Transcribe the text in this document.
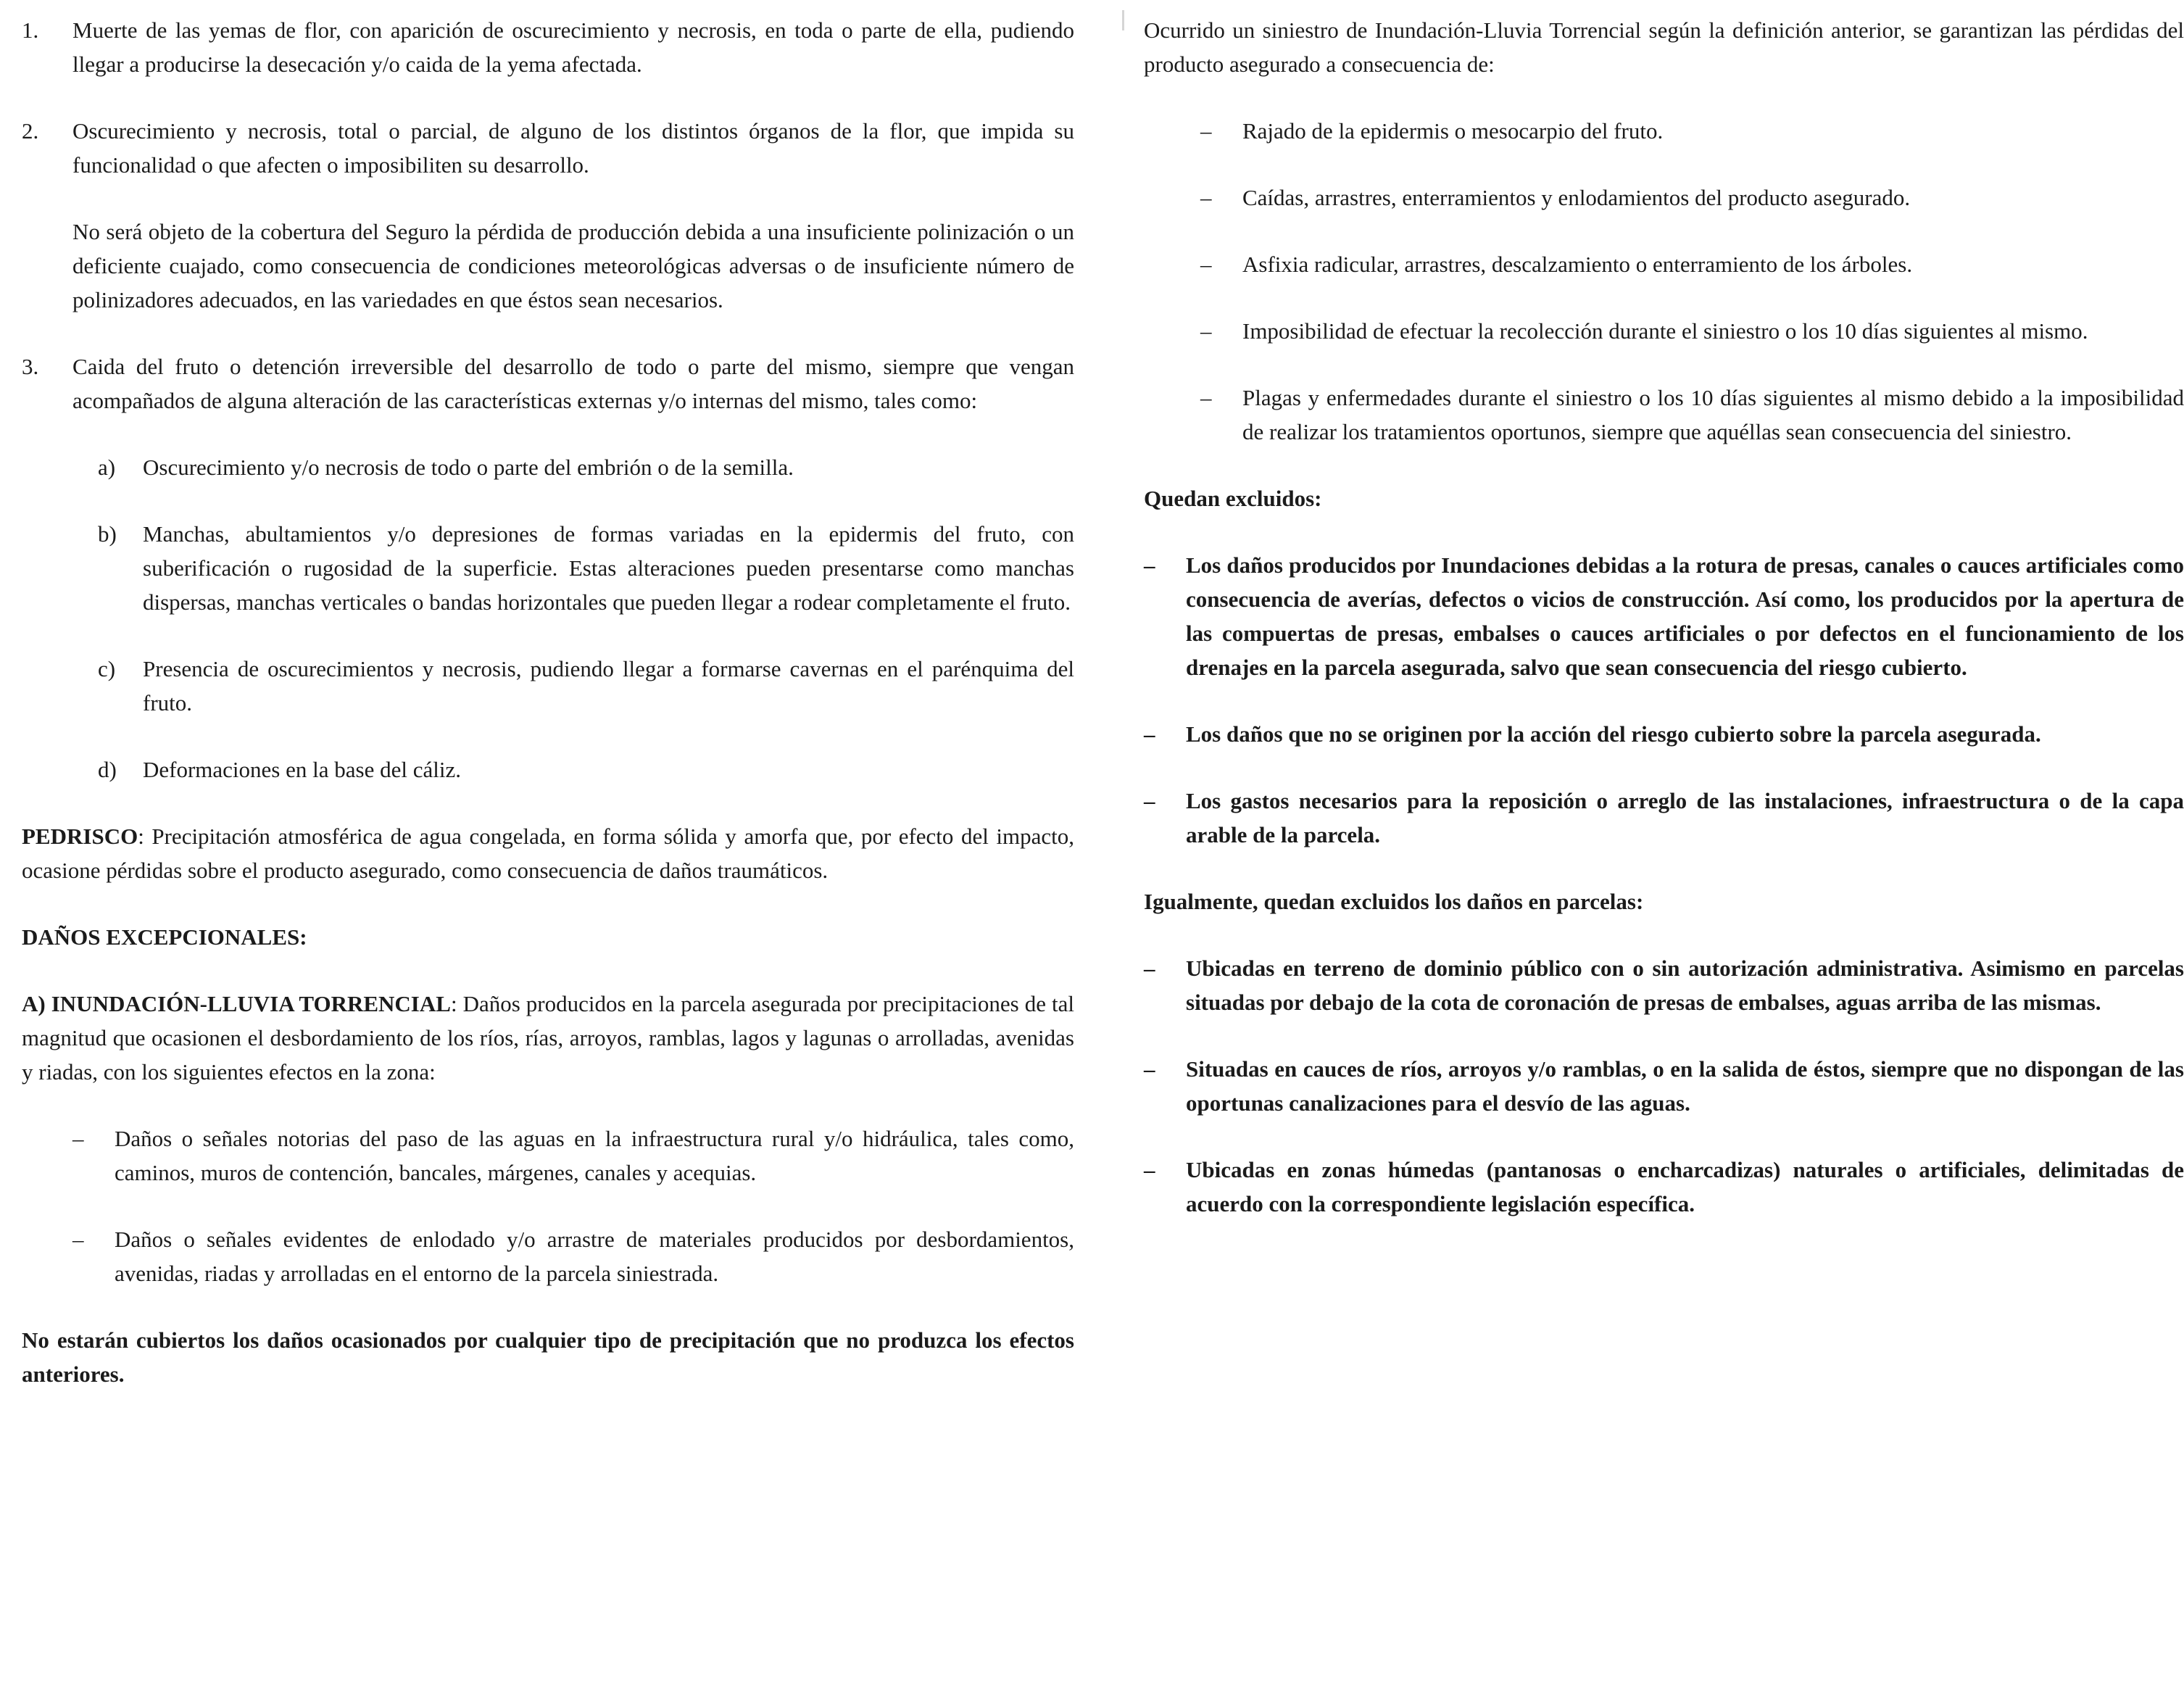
1.	Muerte de las yemas de flor, con aparición de oscurecimiento y necrosis, en toda o parte de ella, pudiendo llegar a producirse la desecación y/o caida de la yema afectada.

2.	Oscurecimiento y necrosis, total o parcial, de alguno de los distintos órganos de la flor, que impida su funcionalidad o que afecten o imposibiliten su desarrollo.

No será objeto de la cobertura del Seguro la pérdida de producción debida a una insuficiente polinización o un deficiente cuajado, como consecuencia de condiciones meteorológicas adversas o de insuficiente número de polinizadores adecuados, en las variedades en que éstos sean necesarios.

3.	Caida del fruto o detención irreversible del desarrollo de todo o parte del mismo, siempre que vengan acompañados de alguna alteración de las características externas y/o internas del mismo, tales como:

a)	Oscurecimiento y/o necrosis de todo o parte del embrión o de la semilla.

b)	Manchas, abultamientos y/o depresiones de formas variadas en la epidermis del fruto, con suberificación o rugosidad de la superficie. Estas alteraciones pueden presentarse como manchas dispersas, manchas verticales o bandas horizontales que pueden llegar a rodear completamente el fruto.

c)	Presencia de oscurecimientos y necrosis, pudiendo llegar a formarse cavernas en el parénquima del fruto.

d)	Deformaciones en la base del cáliz.

PEDRISCO: Precipitación atmosférica de agua congelada, en forma sólida y amorfa que, por efecto del impacto, ocasione pérdidas sobre el producto asegurado, como consecuencia de daños traumáticos.

DAÑOS EXCEPCIONALES:

A) INUNDACIÓN-LLUVIA TORRENCIAL: Daños producidos en la parcela asegurada por precipitaciones de tal magnitud que ocasionen el desbordamiento de los ríos, rías, arroyos, ramblas, lagos y lagunas o arrolladas, avenidas y riadas, con los siguientes efectos en la zona:

–	Daños o señales notorias del paso de las aguas en la infraestructura rural y/o hidráulica, tales como, caminos, muros de contención, bancales, márgenes, canales y acequias.

–	Daños o señales evidentes de enlodado y/o arrastre de materiales producidos por desbordamientos, avenidas, riadas y arrolladas en el entorno de la parcela siniestrada.

No estarán cubiertos los daños ocasionados por cualquier tipo de precipitación que no produzca los efectos anteriores.

Ocurrido un siniestro de Inundación-Lluvia Torrencial según la definición anterior, se garantizan las pérdidas del producto asegurado a consecuencia de:

–	Rajado de la epidermis o mesocarpio del fruto.

–	Caídas, arrastres, enterramientos y enlodamientos del producto asegurado.

–	Asfixia radicular, arrastres, descalzamiento o enterramiento de los árboles.

–	Imposibilidad de efectuar la recolección durante el siniestro o los 10 días siguientes al mismo.

–	Plagas y enfermedades durante el siniestro o los 10 días siguientes al mismo debido a la imposibilidad de realizar los tratamientos oportunos, siempre que aquéllas sean consecuencia del siniestro.

Quedan excluidos:

–	Los daños producidos por Inundaciones debidas a la rotura de presas, canales o cauces artificiales como consecuencia de averías, defectos o vicios de construcción. Así como, los producidos por la apertura de las compuertas de presas, embalses o cauces artificiales o por defectos en el funcionamiento de los drenajes en la parcela asegurada, salvo que sean consecuencia del riesgo cubierto.

–	Los daños que no se originen por la acción del riesgo cubierto sobre la parcela asegurada.

–	Los gastos necesarios para la reposición o arreglo de las instalaciones, infraestructura o de la capa arable de la parcela.

Igualmente, quedan excluidos los daños en parcelas:

–	Ubicadas en terreno de dominio público con o sin autorización administrativa. Asimismo en parcelas situadas por debajo de la cota de coronación de presas de embalses, aguas arriba de las mismas.

–	Situadas en cauces de ríos, arroyos y/o ramblas, o en la salida de éstos, siempre que no dispongan de las oportunas canalizaciones para el desvío de las aguas.

–	Ubicadas en zonas húmedas (pantanosas o encharcadizas) naturales o artificiales, delimitadas de acuerdo con la correspondiente legislación específica.
